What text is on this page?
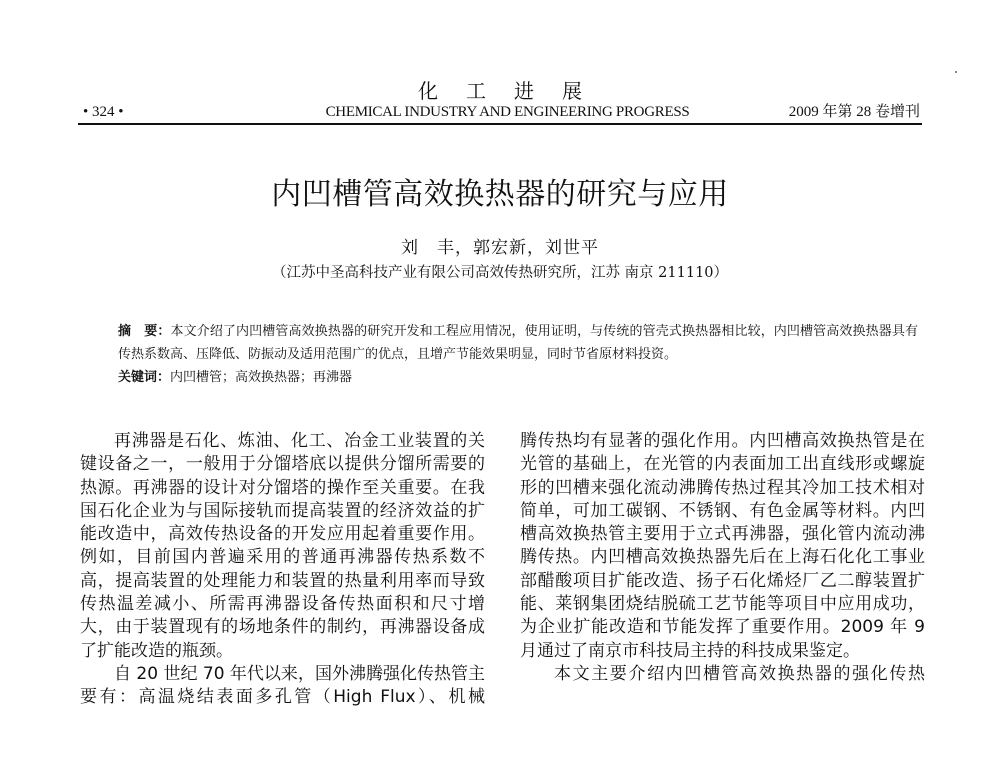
化工进展
• 324 •	CHEMICAL INDUSTRY AND ENGINEERING PROGRESS	2009 年第 28 卷增刊
内凹槽管高效换热器的研究与应用
刘　丰，郭宏新，刘世平
（江苏中圣高科技产业有限公司高效传热研究所，江苏 南京 211110）

摘　要：本文介绍了内凹槽管高效换热器的研究开发和工程应用情况，使用证明，与传统的管壳式换热器相比较，内凹槽管高效换热器具有传热系数高、压降低、防振动及适用范围广的优点，且增产节能效果明显，同时节省原材料投资。

关键词：内凹槽管；高效换热器；再沸器

再沸器是石化、炼油、化工、冶金工业装置的关键设备之一，一般用于分馏塔底以提供分馏所需要的热源。再沸器的设计对分馏塔的操作至关重要。在我国石化企业为与国际接轨而提高装置的经济效益的扩能改造中，高效传热设备的开发应用起着重要作用。例如，目前国内普遍采用的普通再沸器传热系数不高，提高装置的处理能力和装置的热量利用率而导致传热温差减小、所需再沸器设备传热面积和尺寸增大，由于装置现有的场地条件的制约，再沸器设备成了扩能改造的瓶颈。

自 20 世纪 70 年代以来，国外沸腾强化传热管主要有：高温烧结表面多孔管（High Flux）、机械

腾传热均有显著的强化作用。内凹槽高效换热管是在光管的基础上，在光管的内表面加工出直线形或螺旋形的凹槽来强化流动沸腾传热过程其冷加工技术相对简单，可加工碳钢、不锈钢、有色金属等材料。内凹槽高效换热管主要用于立式再沸器，强化管内流动沸腾传热。内凹槽高效换热器先后在上海石化化工事业部醋酸项目扩能改造、扬子石化烯烃厂乙二醇装置扩能、莱钢集团烧结脱硫工艺节能等项目中应用成功，为企业扩能改造和节能发挥了重要作用。2009 年 9 月通过了南京市科技局主持的科技成果鉴定。

本文主要介绍内凹槽管高效换热器的强化传热
